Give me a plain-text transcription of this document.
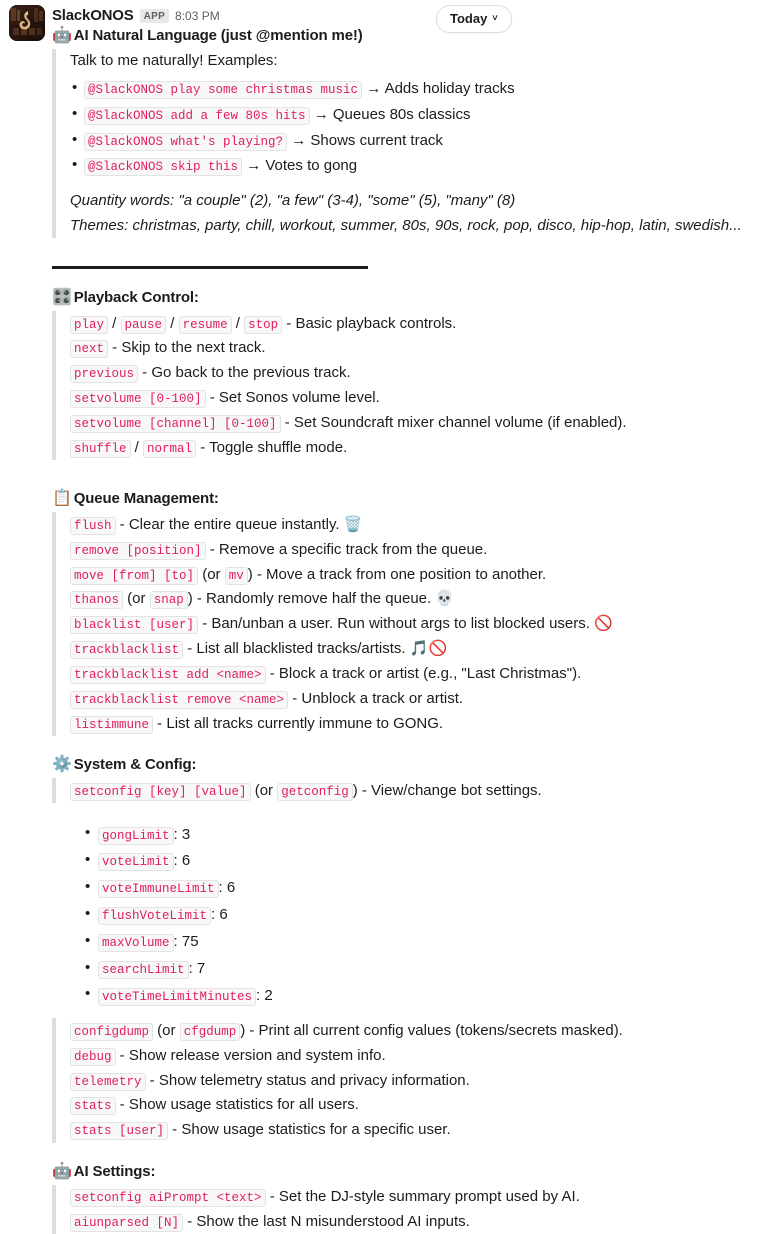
SlackONOS	APP 8:03 PM
🤖 AI Natural Language (just @mention me!)

Talk to me naturally! Examples:

• @SlackONOS play some christmas music → Adds holiday tracks
• @SlackONOS add a few 80s hits → Queues 80s classics
• @SlackONOS what's playing? → Shows current track
• @SlackONOS skip this → Votes to gong

Quantity words: "a couple" (2), "a few" (3-4), "some" (5), "many" (8)

Themes: christmas, party, chill, workout, summer, 80s, 90s, rock, pop, disco, hip-hop, latin, swedish...

🎛️ Playback Control:

play / pause / resume / stop - Basic playback controls.

next - Skip to the next track.

previous - Go back to the previous track.

setvolume [0-100] - Set Sonos volume level.

setvolume [channel] [0-100] - Set Soundcraft mixer channel volume (if enabled).

shuffle / normal - Toggle shuffle mode.

📋 Queue Management:

flush - Clear the entire queue instantly. 🗑️

remove [position] - Remove a specific track from the queue.

move [from] [to] (or mv ) - Move a track from one position to another.

thanos (or snap ) - Randomly remove half the queue. 💀

blacklist [user] - Ban/unban a user. Run without args to list blocked users. 🚫

trackblacklist - List all blacklisted tracks/artists. 🎵🚫

trackblacklist add <name> - Block a track or artist (e.g., "Last Christmas").

trackblacklist remove <name> - Unblock a track or artist.

listimmune - List all tracks currently immune to GONG.

⚙️ System & Config:

setconfig [key] [value] (or getconfig ) - View/change bot settings.

• gongLimit : 3
• voteLimit : 6
• voteImmuneLimit : 6
• flushVoteLimit : 6
• maxVolume : 75
• searchLimit : 7
• voteTimeLimitMinutes : 2

configdump (or cfgdump ) - Print all current config values (tokens/secrets masked).

debug - Show release version and system info.

telemetry - Show telemetry status and privacy information.

stats - Show usage statistics for all users.

stats [user] - Show usage statistics for a specific user.

🤖 AI Settings:

setconfig aiPrompt <text> - Set the DJ-style summary prompt used by AI.

aiunparsed [N] - Show the last N misunderstood AI inputs.

Today ˅
